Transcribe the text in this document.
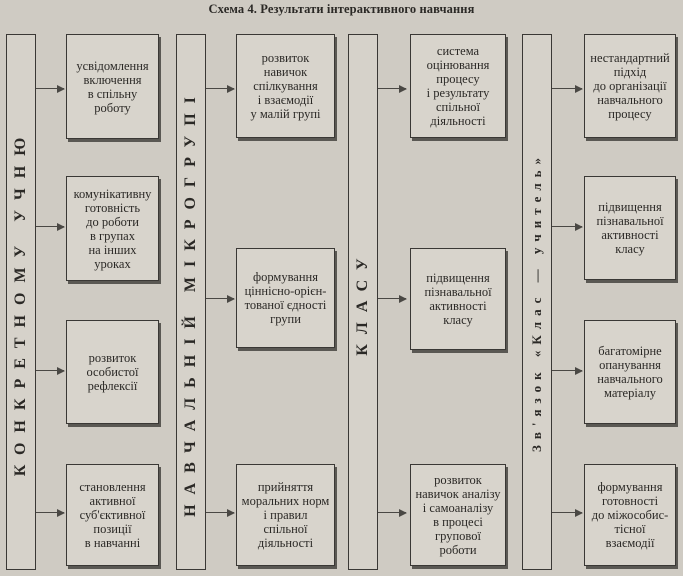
Схема 4. Результати інтерактивного навчання
КОНКРЕТНОМУ УЧНЮ
усвідомлення
включення
в спільну
роботу
комунікативну
готовність
до роботи
в групах
на інших
уроках
розвиток
особистої
рефлексії
становлення
активної
суб'єктивної
позиції
в навчанні
НАВЧАЛЬНІЙ МІКРОГРУПІ
розвиток
навичок
спілкування
і взаємодії
у малій групі
формування
ціннісно-орієн-
тованої єдності
групи
прийняття
моральних норм
і правил
спільної
діяльності
КЛАСУ
система
оцінювання
процесу
і результату
спільної
діяльності
підвищення
пізнавальної
активності
класу
розвиток
навичок аналізу
і самоаналізу
в процесі
групової роботи
Зв'язок «Клас — учитель»
нестандартний
підхід
до організації
навчального
процесу
підвищення
пізнавальної
активності
класу
багатомірне
опанування
навчального
матеріалу
формування
готовності
до міжособис-
тісної
взаємодії
